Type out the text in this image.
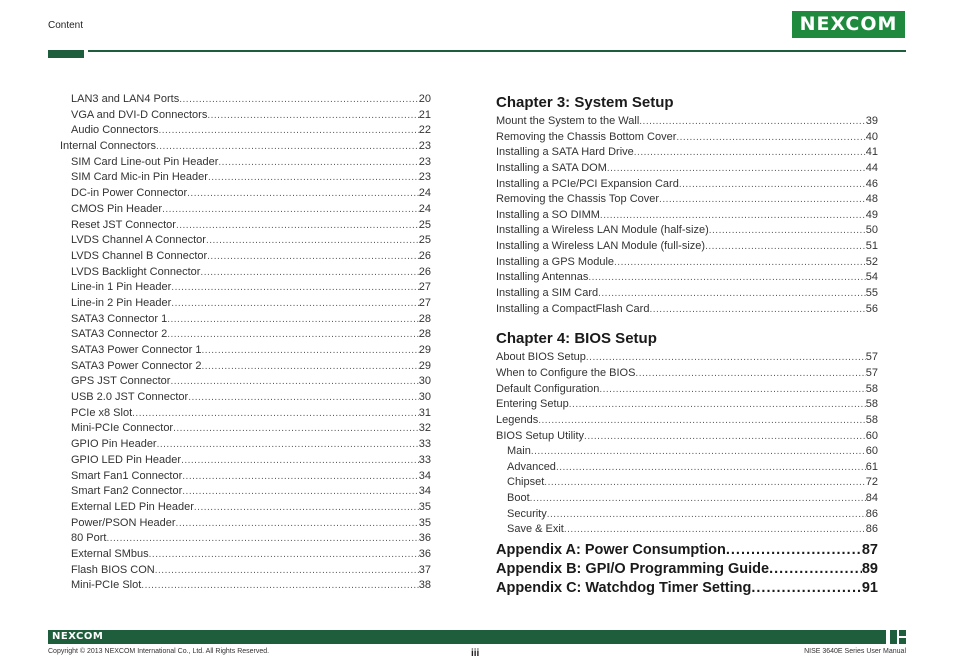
Content	NEXCOM
LAN3 and LAN4 Ports .....	20
VGA and DVI-D Connectors .....	21
Audio Connectors .....	22
Internal Connectors .....	23
SIM Card Line-out Pin Header .....	23
SIM Card Mic-in Pin Header .....	23
DC-in Power Connector .....	24
CMOS Pin Header .....	24
Reset JST Connector .....	25
LVDS Channel A Connector .....	25
LVDS Channel B Connector .....	26
LVDS Backlight Connector .....	26
Line-in 1 Pin Header .....	27
Line-in 2 Pin Header .....	27
SATA3 Connector 1 .....	28
SATA3 Connector 2 .....	28
SATA3 Power Connector 1 .....	29
SATA3 Power Connector 2 .....	29
GPS JST Connector .....	30
USB 2.0 JST Connector .....	30
PCIe x8 Slot .....	31
Mini-PCIe Connector .....	32
GPIO Pin Header .....	33
GPIO LED Pin Header .....	33
Smart Fan1 Connector .....	34
Smart Fan2 Connector .....	34
External LED Pin Header .....	35
Power/PSON Header .....	35
80 Port .....	36
External SMbus .....	36
Flash BIOS CON .....	37
Mini-PCIe Slot .....	38
Chapter 3: System Setup
Mount the System to the Wall .....	39
Removing the Chassis Bottom Cover .....	40
Installing a SATA Hard Drive .....	41
Installing a SATA DOM .....	44
Installing a PCIe/PCI Expansion Card .....	46
Removing the Chassis Top Cover .....	48
Installing a SO DIMM .....	49
Installing a Wireless LAN Module (half-size) .....	50
Installing a Wireless LAN Module (full-size) .....	51
Installing a GPS Module .....	52
Installing Antennas .....	54
Installing a SIM Card .....	55
Installing a CompactFlash Card .....	56
Chapter 4: BIOS Setup
About BIOS Setup .....	57
When to Configure the BIOS .....	57
Default Configuration .....	58
Entering Setup .....	58
Legends .....	58
BIOS Setup Utility .....	60
Main .....	60
Advanced .....	61
Chipset .....	72
Boot .....	84
Security .....	86
Save & Exit .....	86
Appendix A: Power Consumption .....	87
Appendix B: GPI/O Programming Guide .....	89
Appendix C: Watchdog Timer Setting .....	91
NEXCOM
Copyright © 2013 NEXCOM International Co., Ltd. All Rights Reserved.	iii	NISE 3640E Series User Manual
